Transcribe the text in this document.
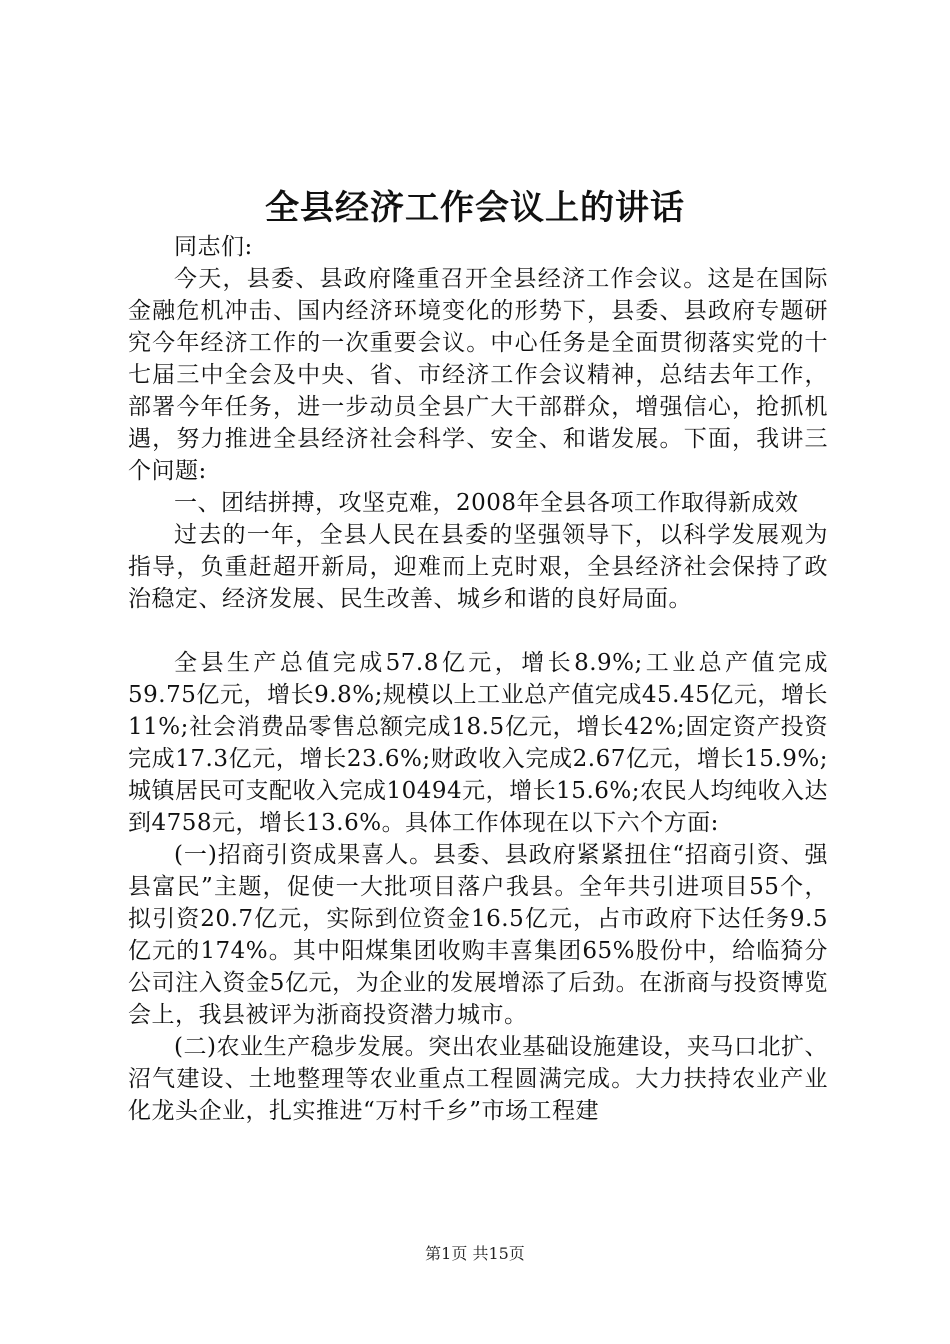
全县经济工作会议上的讲话

同志们:

今天，县委、县政府隆重召开全县经济工作会议。这是在国际金融危机冲击、国内经济环境变化的形势下，县委、县政府专题研究今年经济工作的一次重要会议。中心任务是全面贯彻落实党的十七届三中全会及中央、省、市经济工作会议精神，总结去年工作，部署今年任务，进一步动员全县广大干部群众，增强信心，抢抓机遇，努力推进全县经济社会科学、安全、和谐发展。下面，我讲三个问题:

一、团结拼搏，攻坚克难，2008年全县各项工作取得新成效

过去的一年，全县人民在县委的坚强领导下，以科学发展观为指导，负重赶超开新局，迎难而上克时艰，全县经济社会保持了政治稳定、经济发展、民生改善、城乡和谐的良好局面。

全县生产总值完成57.8亿元，增长8.9%;工业总产值完成59.75亿元，增长9.8%;规模以上工业总产值完成45.45亿元，增长11%;社会消费品零售总额完成18.5亿元，增长42%;固定资产投资完成17.3亿元，增长23.6%;财政收入完成2.67亿元，增长15.9%;城镇居民可支配收入完成10494元，增长15.6%;农民人均纯收入达到4758元，增长13.6%。具体工作体现在以下六个方面:

(一)招商引资成果喜人。县委、县政府紧紧扭住“招商引资、强县富民”主题，促使一大批项目落户我县。全年共引进项目55个，拟引资20.7亿元，实际到位资金16.5亿元，占市政府下达任务9.5亿元的174%。其中阳煤集团收购丰喜集团65%股份中，给临猗分公司注入资金5亿元，为企业的发展增添了后劲。在浙商与投资博览会上，我县被评为浙商投资潜力城市。

(二)农业生产稳步发展。突出农业基础设施建设，夹马口北扩、沼气建设、土地整理等农业重点工程圆满完成。大力扶持农业产业化龙头企业，扎实推进“万村千乡”市场工程建

第1页 共15页
